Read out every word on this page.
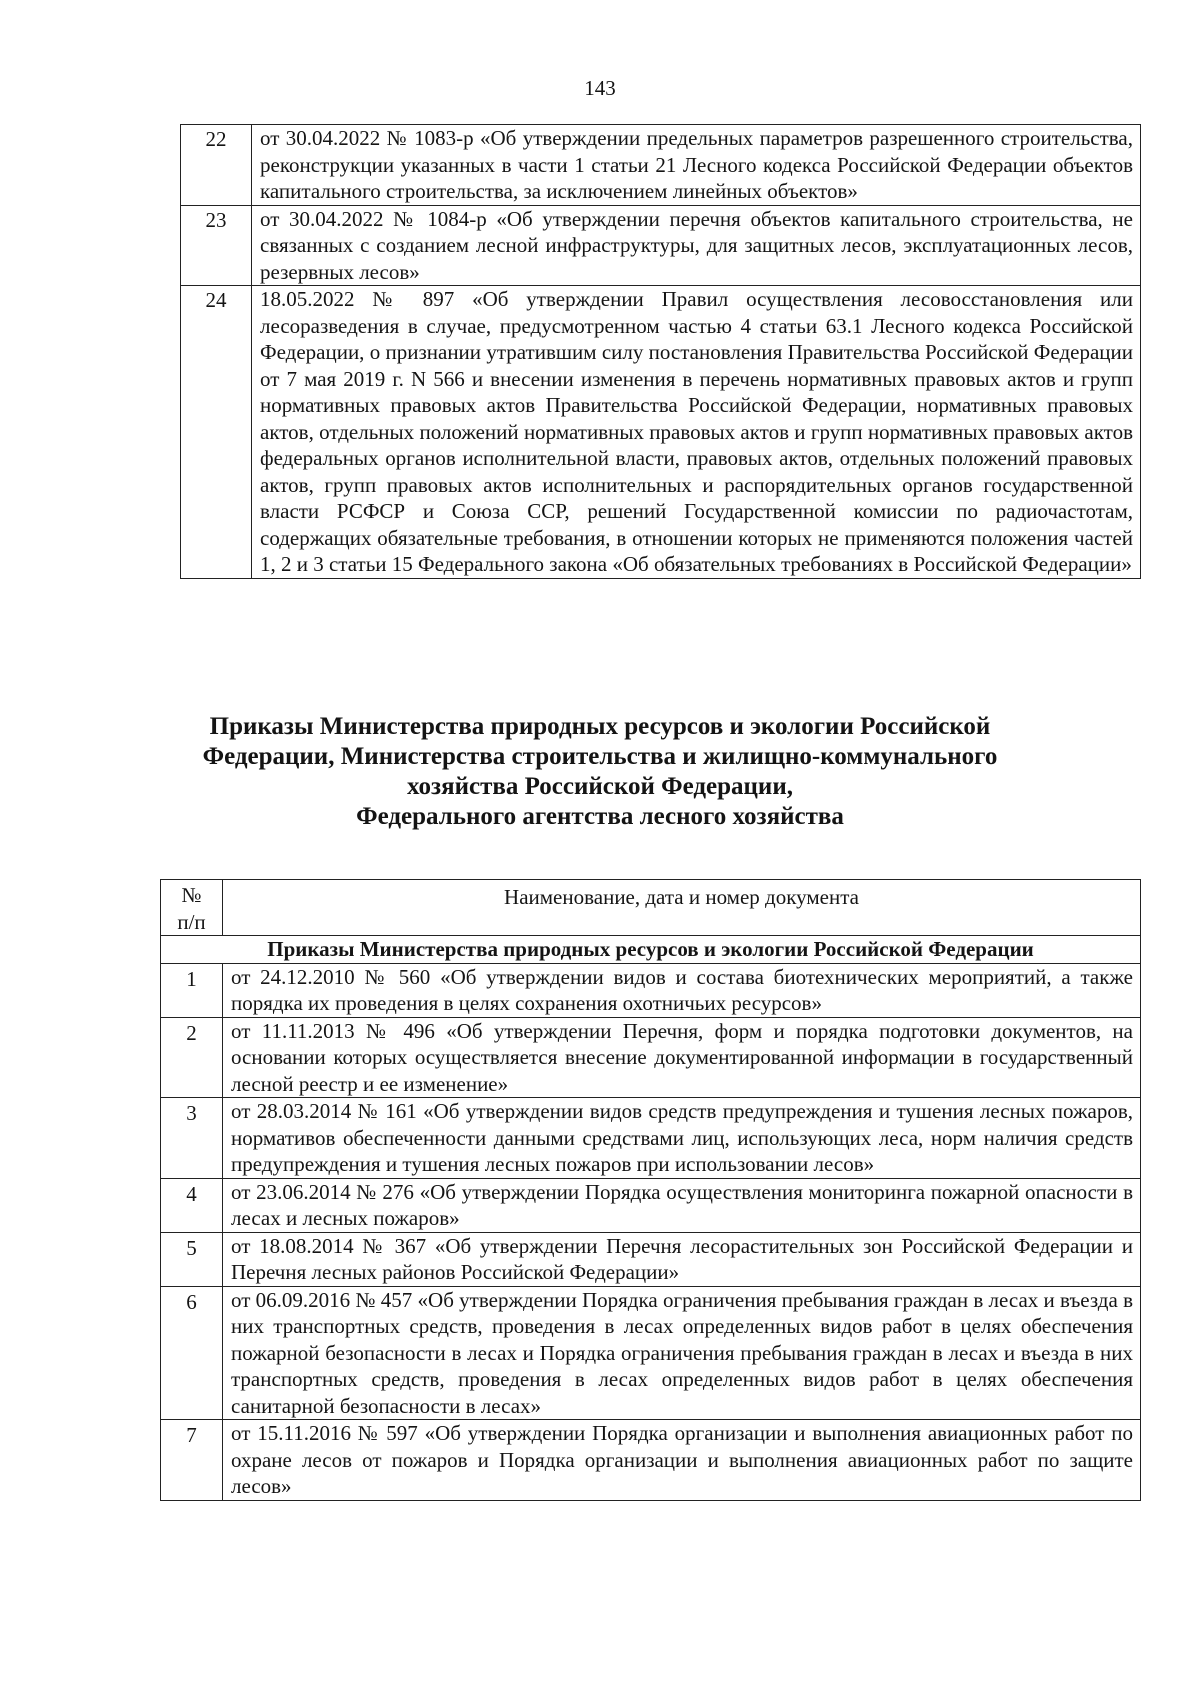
143
22	от 30.04.2022 № 1083-р «Об утверждении предельных параметров разрешенного строительства, реконструкции указанных в части 1 статьи 21 Лесного кодекса Российской Федерации объектов капитального строительства, за исключением линейных объектов»
23	от 30.04.2022 № 1084-р «Об утверждении перечня объектов капитального строительства, не связанных с созданием лесной инфраструктуры, для защитных лесов, эксплуатационных лесов, резервных лесов»
24	18.05.2022 № 897 «Об утверждении Правил осуществления лесовосстановления или лесоразведения в случае, предусмотренном частью 4 статьи 63.1 Лесного кодекса Российской Федерации, о признании утратившим силу постановления Правительства Российской Федерации от 7 мая 2019 г. N 566 и внесении изменения в перечень нормативных правовых актов и групп нормативных правовых актов Правительства Российской Федерации, нормативных правовых актов, отдельных положений нормативных правовых актов и групп нормативных правовых актов федеральных органов исполнительной власти, правовых актов, отдельных положений правовых актов, групп правовых актов исполнительных и распорядительных органов государственной власти РСФСР и Союза ССР, решений Государственной комиссии по радиочастотам, содержащих обязательные требования, в отношении которых не применяются положения частей 1, 2 и 3 статьи 15 Федерального закона «Об обязательных требованиях в Российской Федерации»
Приказы Министерства природных ресурсов и экологии Российской
Федерации, Министерства строительства и жилищно-коммунального
хозяйства Российской Федерации,
Федерального агентства лесного хозяйства
№
п/п	Наименование, дата и номер документа
Приказы Министерства природных ресурсов и экологии Российской Федерации	
1	от 24.12.2010 № 560 «Об утверждении видов и состава биотехнических мероприятий, а также порядка их проведения в целях сохранения охотничьих ресурсов»
2	от 11.11.2013 № 496 «Об утверждении Перечня, форм и порядка подготовки документов, на основании которых осуществляется внесение документированной информации в государственный лесной реестр и ее изменение»
3	от 28.03.2014 № 161 «Об утверждении видов средств предупреждения и тушения лесных пожаров, нормативов обеспеченности данными средствами лиц, использующих леса, норм наличия средств предупреждения и тушения лесных пожаров при использовании лесов»
4	от 23.06.2014 № 276 «Об утверждении Порядка осуществления мониторинга пожарной опасности в лесах и лесных пожаров»
5	от 18.08.2014 № 367 «Об утверждении Перечня лесорастительных зон Российской Федерации и Перечня лесных районов Российской Федерации»
6	от 06.09.2016 № 457 «Об утверждении Порядка ограничения пребывания граждан в лесах и въезда в них транспортных средств, проведения в лесах определенных видов работ в целях обеспечения пожарной безопасности в лесах и Порядка ограничения пребывания граждан в лесах и въезда в них транспортных средств, проведения в лесах определенных видов работ в целях обеспечения санитарной безопасности в лесах»
7	от 15.11.2016 № 597 «Об утверждении Порядка организации и выполнения авиационных работ по охране лесов от пожаров и Порядка организации и выполнения авиационных работ по защите лесов»
